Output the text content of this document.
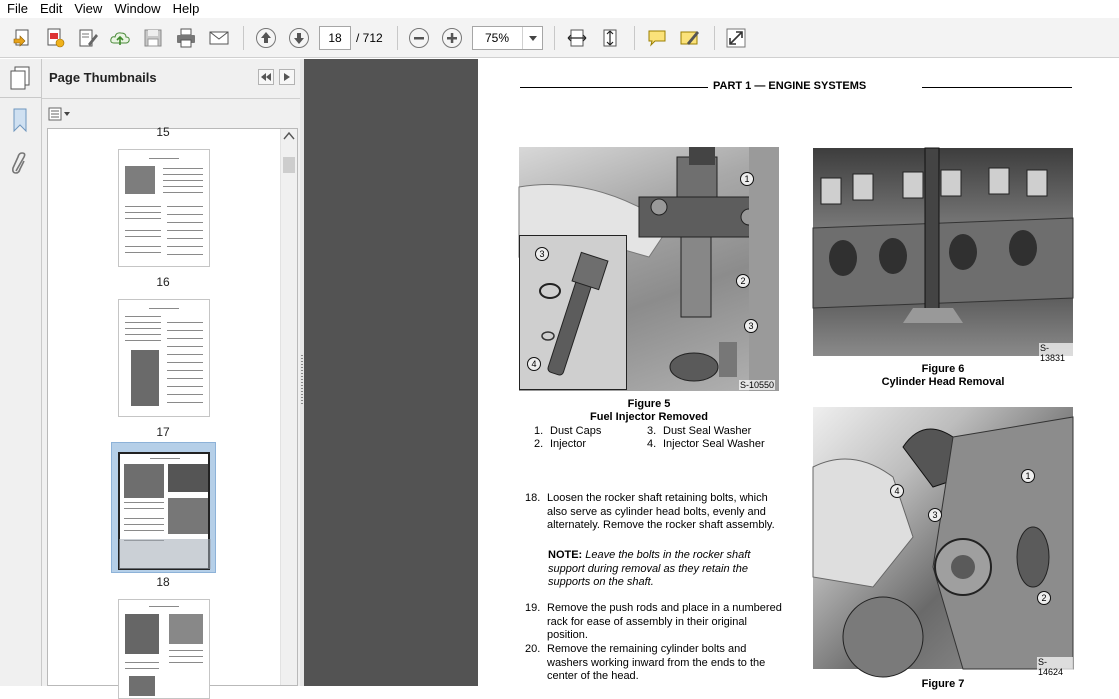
File Edit View Window Help
18	/ 712	75%
Page Thumbnails
15
16
17
18
PART 1 — ENGINE SYSTEMS
1
2
3
3
4
S-10550
Figure 5
Fuel Injector Removed
1. Dust Caps
2. Injector
3. Dust Seal Washer
4. Injector Seal Washer
S-13831
Figure 6
Cylinder Head Removal
1
2
3
4
S-14624
Figure 7
18. Loosen the rocker shaft retaining bolts, which also serve as cylinder head bolts, evenly and alternately. Remove the rocker shaft assembly.
NOTE: Leave the bolts in the rocker shaft support during removal as they retain the supports on the shaft.
19. Remove the push rods and place in a numbered rack for ease of assembly in their original position.
20. Remove the remaining cylinder bolts and washers working inward from the ends to the center of the head.
